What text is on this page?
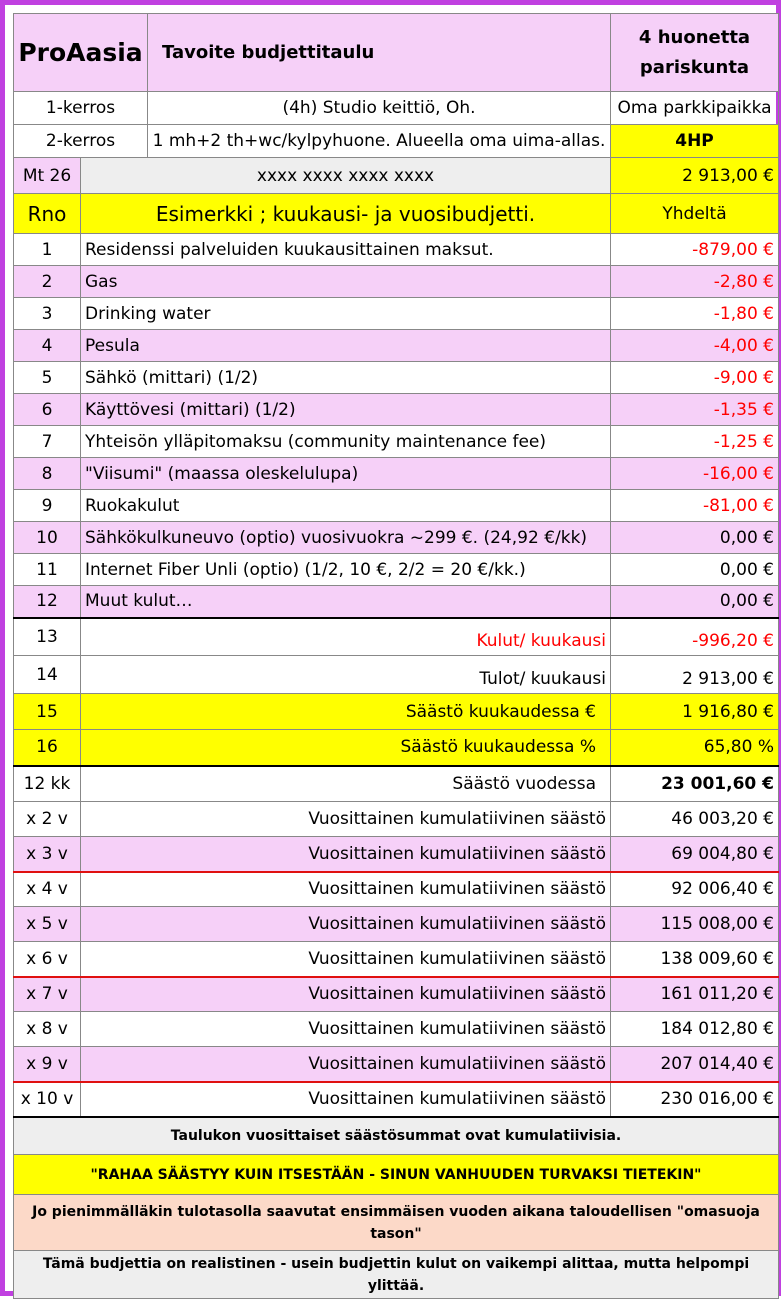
ProAasia		Tavoite budjettitaulu	4 huonetta
pariskunta
1-kerros		(4h) Studio keittiö, Oh.	Oma parkkipaikka
2-kerros		1 mh+2 th+wc/kylpyhuone. Alueella oma uima-allas.	4HP
Mt 26	xxxx xxxx xxxx xxxx		2 913,00 €
Rno	Esimerkki ; kuukausi- ja vuosibudjetti.		Yhdeltä
1	Residenssi palveluiden kuukausittainen maksut.		-879,00 €
2	Gas		-2,80 €
3	Drinking water		-1,80 €
4	Pesula		-4,00 €
5	Sähkö (mittari) (1/2)		-9,00 €
6	Käyttövesi (mittari) (1/2)		-1,35 €
7	Yhteisön ylläpitomaksu (community maintenance fee)		-1,25 €
8	"Viisumi" (maassa oleskelulupa)		-16,00 €
9	Ruokakulut		-81,00 €
10	Sähkökulkuneuvo (optio) vuosivuokra ~299 €. (24,92 €/kk)		0,00 €
11	Internet Fiber Unli (optio) (1/2, 10 €, 2/2 = 20 €/kk.)		0,00 €
12	Muut kulut…		0,00 €
13	Kulut/ kuukausi		-996,20 €
14	Tulot/ kuukausi		2 913,00 €
15	Säästö kuukaudessa €		1 916,80 €
16	Säästö kuukaudessa %		65,80 %
12 kk	Säästö vuodessa		23 001,60 €
x 2 v	Vuosittainen kumulatiivinen säästö		46 003,20 €
x 3 v	Vuosittainen kumulatiivinen säästö		69 004,80 €
x 4 v	Vuosittainen kumulatiivinen säästö		92 006,40 €
x 5 v	Vuosittainen kumulatiivinen säästö		115 008,00 €
x 6 v	Vuosittainen kumulatiivinen säästö		138 009,60 €
x 7 v	Vuosittainen kumulatiivinen säästö		161 011,20 €
x 8 v	Vuosittainen kumulatiivinen säästö		184 012,80 €
x 9 v	Vuosittainen kumulatiivinen säästö		207 014,40 €
x 10 v	Vuosittainen kumulatiivinen säästö		230 016,00 €
Taulukon vuosittaiset säästösummat ovat kumulatiivisia.			
"RAHAA SÄÄSTYY KUIN ITSESTÄÄN - SINUN VANHUUDEN TURVAKSI TIETEKIN"			
Jo pienimmälläkin tulotasolla saavutat ensimmäisen vuoden aikana taloudellisen "omasuoja tason"			
Tämä budjettia on realistinen - usein budjettin kulut on vaikempi alittaa, mutta helpompi ylittää.			
